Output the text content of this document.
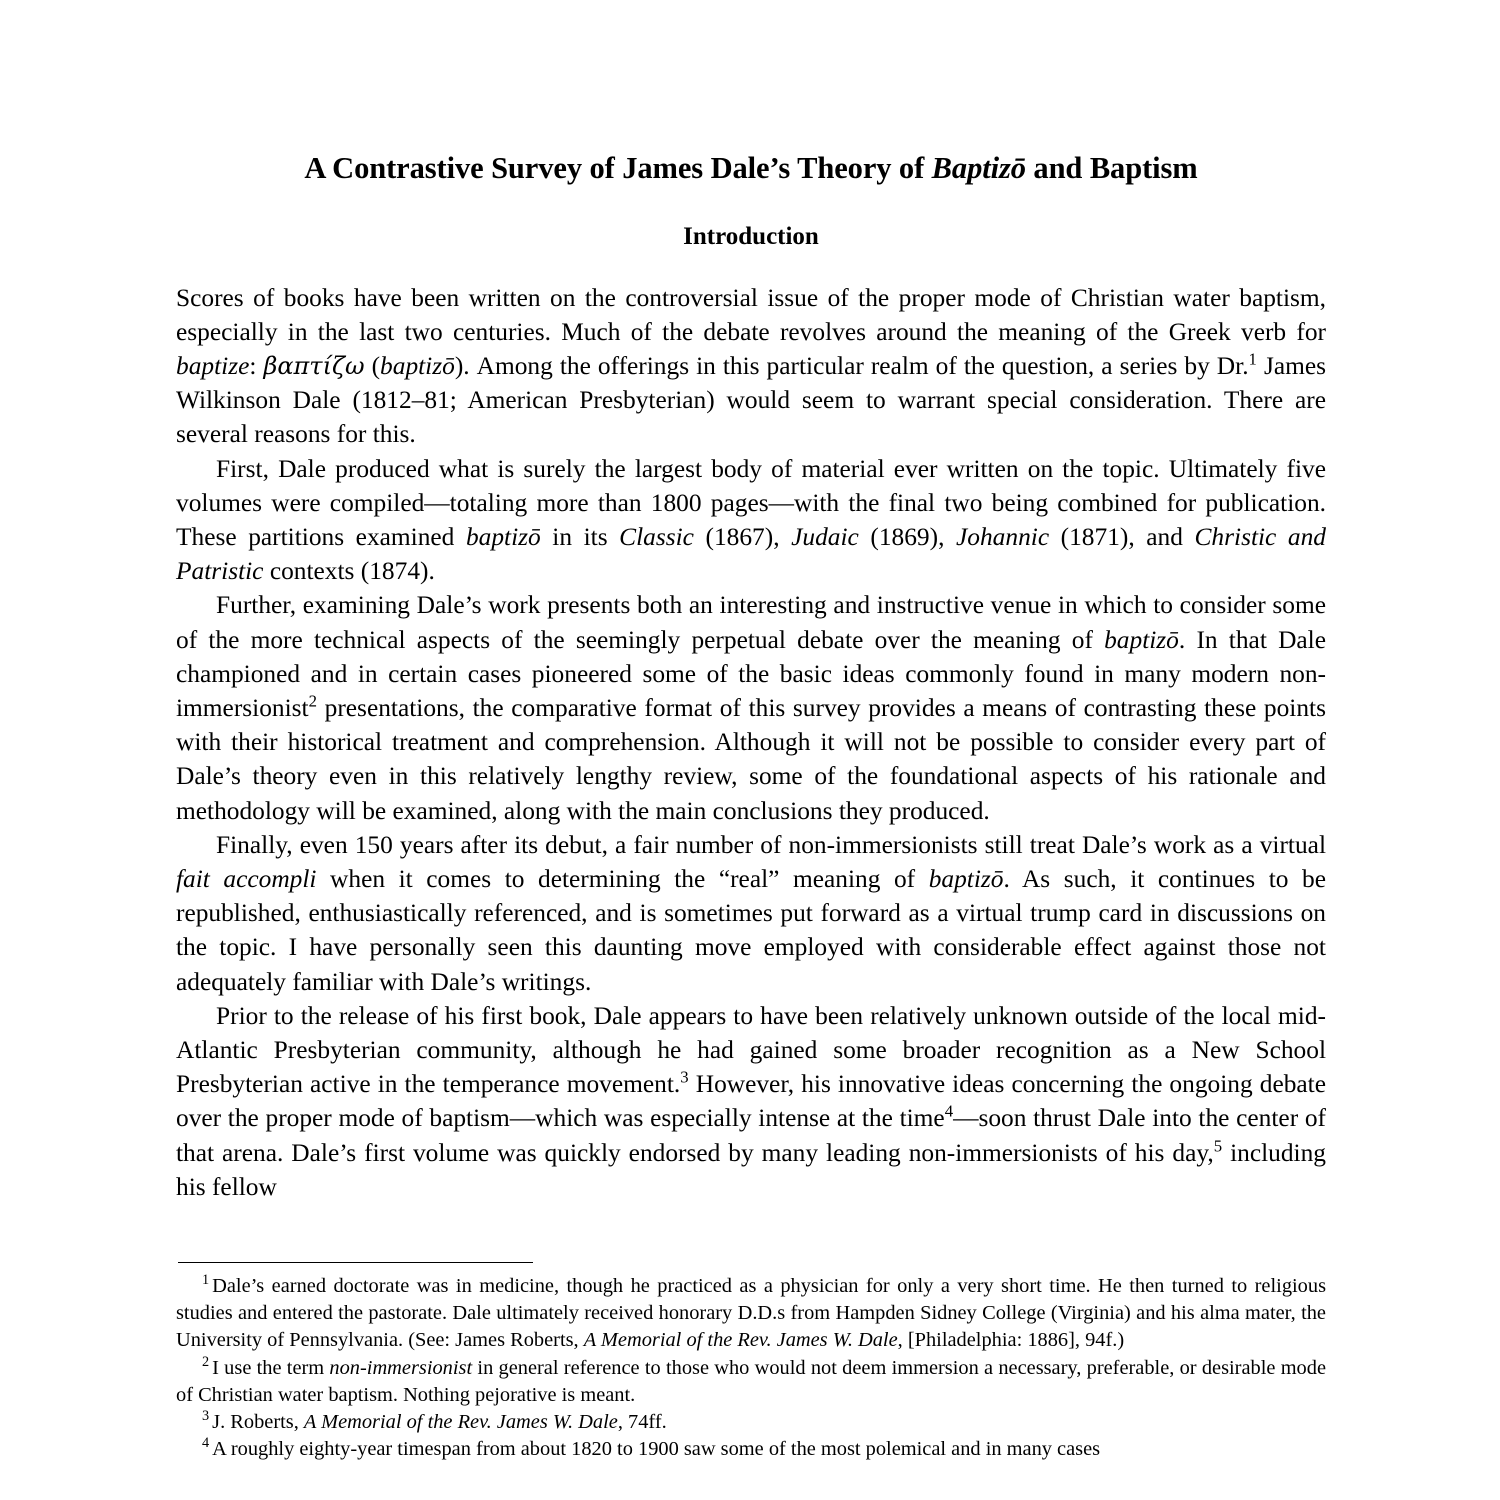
A Contrastive Survey of James Dale’s Theory of Baptizō and Baptism
Introduction

Scores of books have been written on the controversial issue of the proper mode of Christian water baptism, especially in the last two centuries. Much of the debate revolves around the meaning of the Greek verb for baptize: βαπτίζω (baptizō). Among the offerings in this particular realm of the question, a series by Dr.$^1$ James Wilkinson Dale (1812–81; American Presbyterian) would seem to warrant special consideration. There are several reasons for this.

First, Dale produced what is surely the largest body of material ever written on the topic. Ultimately five volumes were compiled—totaling more than 1800 pages—with the final two being combined for publication. These partitions examined baptizō in its Classic (1867), Judaic (1869), Johannic (1871), and Christic and Patristic contexts (1874).

Further, examining Dale’s work presents both an interesting and instructive venue in which to consider some of the more technical aspects of the seemingly perpetual debate over the meaning of baptizō. In that Dale championed and in certain cases pioneered some of the basic ideas commonly found in many modern non-immersionist$^2$ presentations, the comparative format of this survey provides a means of contrasting these points with their historical treatment and comprehension. Although it will not be possible to consider every part of Dale’s theory even in this relatively lengthy review, some of the foundational aspects of his rationale and methodology will be examined, along with the main conclusions they produced.

Finally, even 150 years after its debut, a fair number of non-immersionists still treat Dale’s work as a virtual fait accompli when it comes to determining the “real” meaning of baptizō. As such, it continues to be republished, enthusiastically referenced, and is sometimes put forward as a virtual trump card in discussions on the topic. I have personally seen this daunting move employed with considerable effect against those not adequately familiar with Dale’s writings.

Prior to the release of his first book, Dale appears to have been relatively unknown outside of the local mid-Atlantic Presbyterian community, although he had gained some broader recognition as a New School Presbyterian active in the temperance movement.$^3$ However, his innovative ideas concerning the ongoing debate over the proper mode of baptism—which was especially intense at the time$^4$—soon thrust Dale into the center of that arena. Dale’s first volume was quickly endorsed by many leading non-immersionists of his day,$^5$ including his fellow

$^1$ Dale’s earned doctorate was in medicine, though he practiced as a physician for only a very short time. He then turned to religious studies and entered the pastorate. Dale ultimately received honorary D.D.s from Hampden Sidney College (Virginia) and his alma mater, the University of Pennsylvania. (See: James Roberts, A Memorial of the Rev. James W. Dale, [Philadelphia: 1886], 94f.)

$^2$ I use the term non-immersionist in general reference to those who would not deem immersion a necessary, preferable, or desirable mode of Christian water baptism. Nothing pejorative is meant.

$^3$ J. Roberts, A Memorial of the Rev. James W. Dale, 74ff.

$^4$ A roughly eighty-year timespan from about 1820 to 1900 saw some of the most polemical and in many cases
